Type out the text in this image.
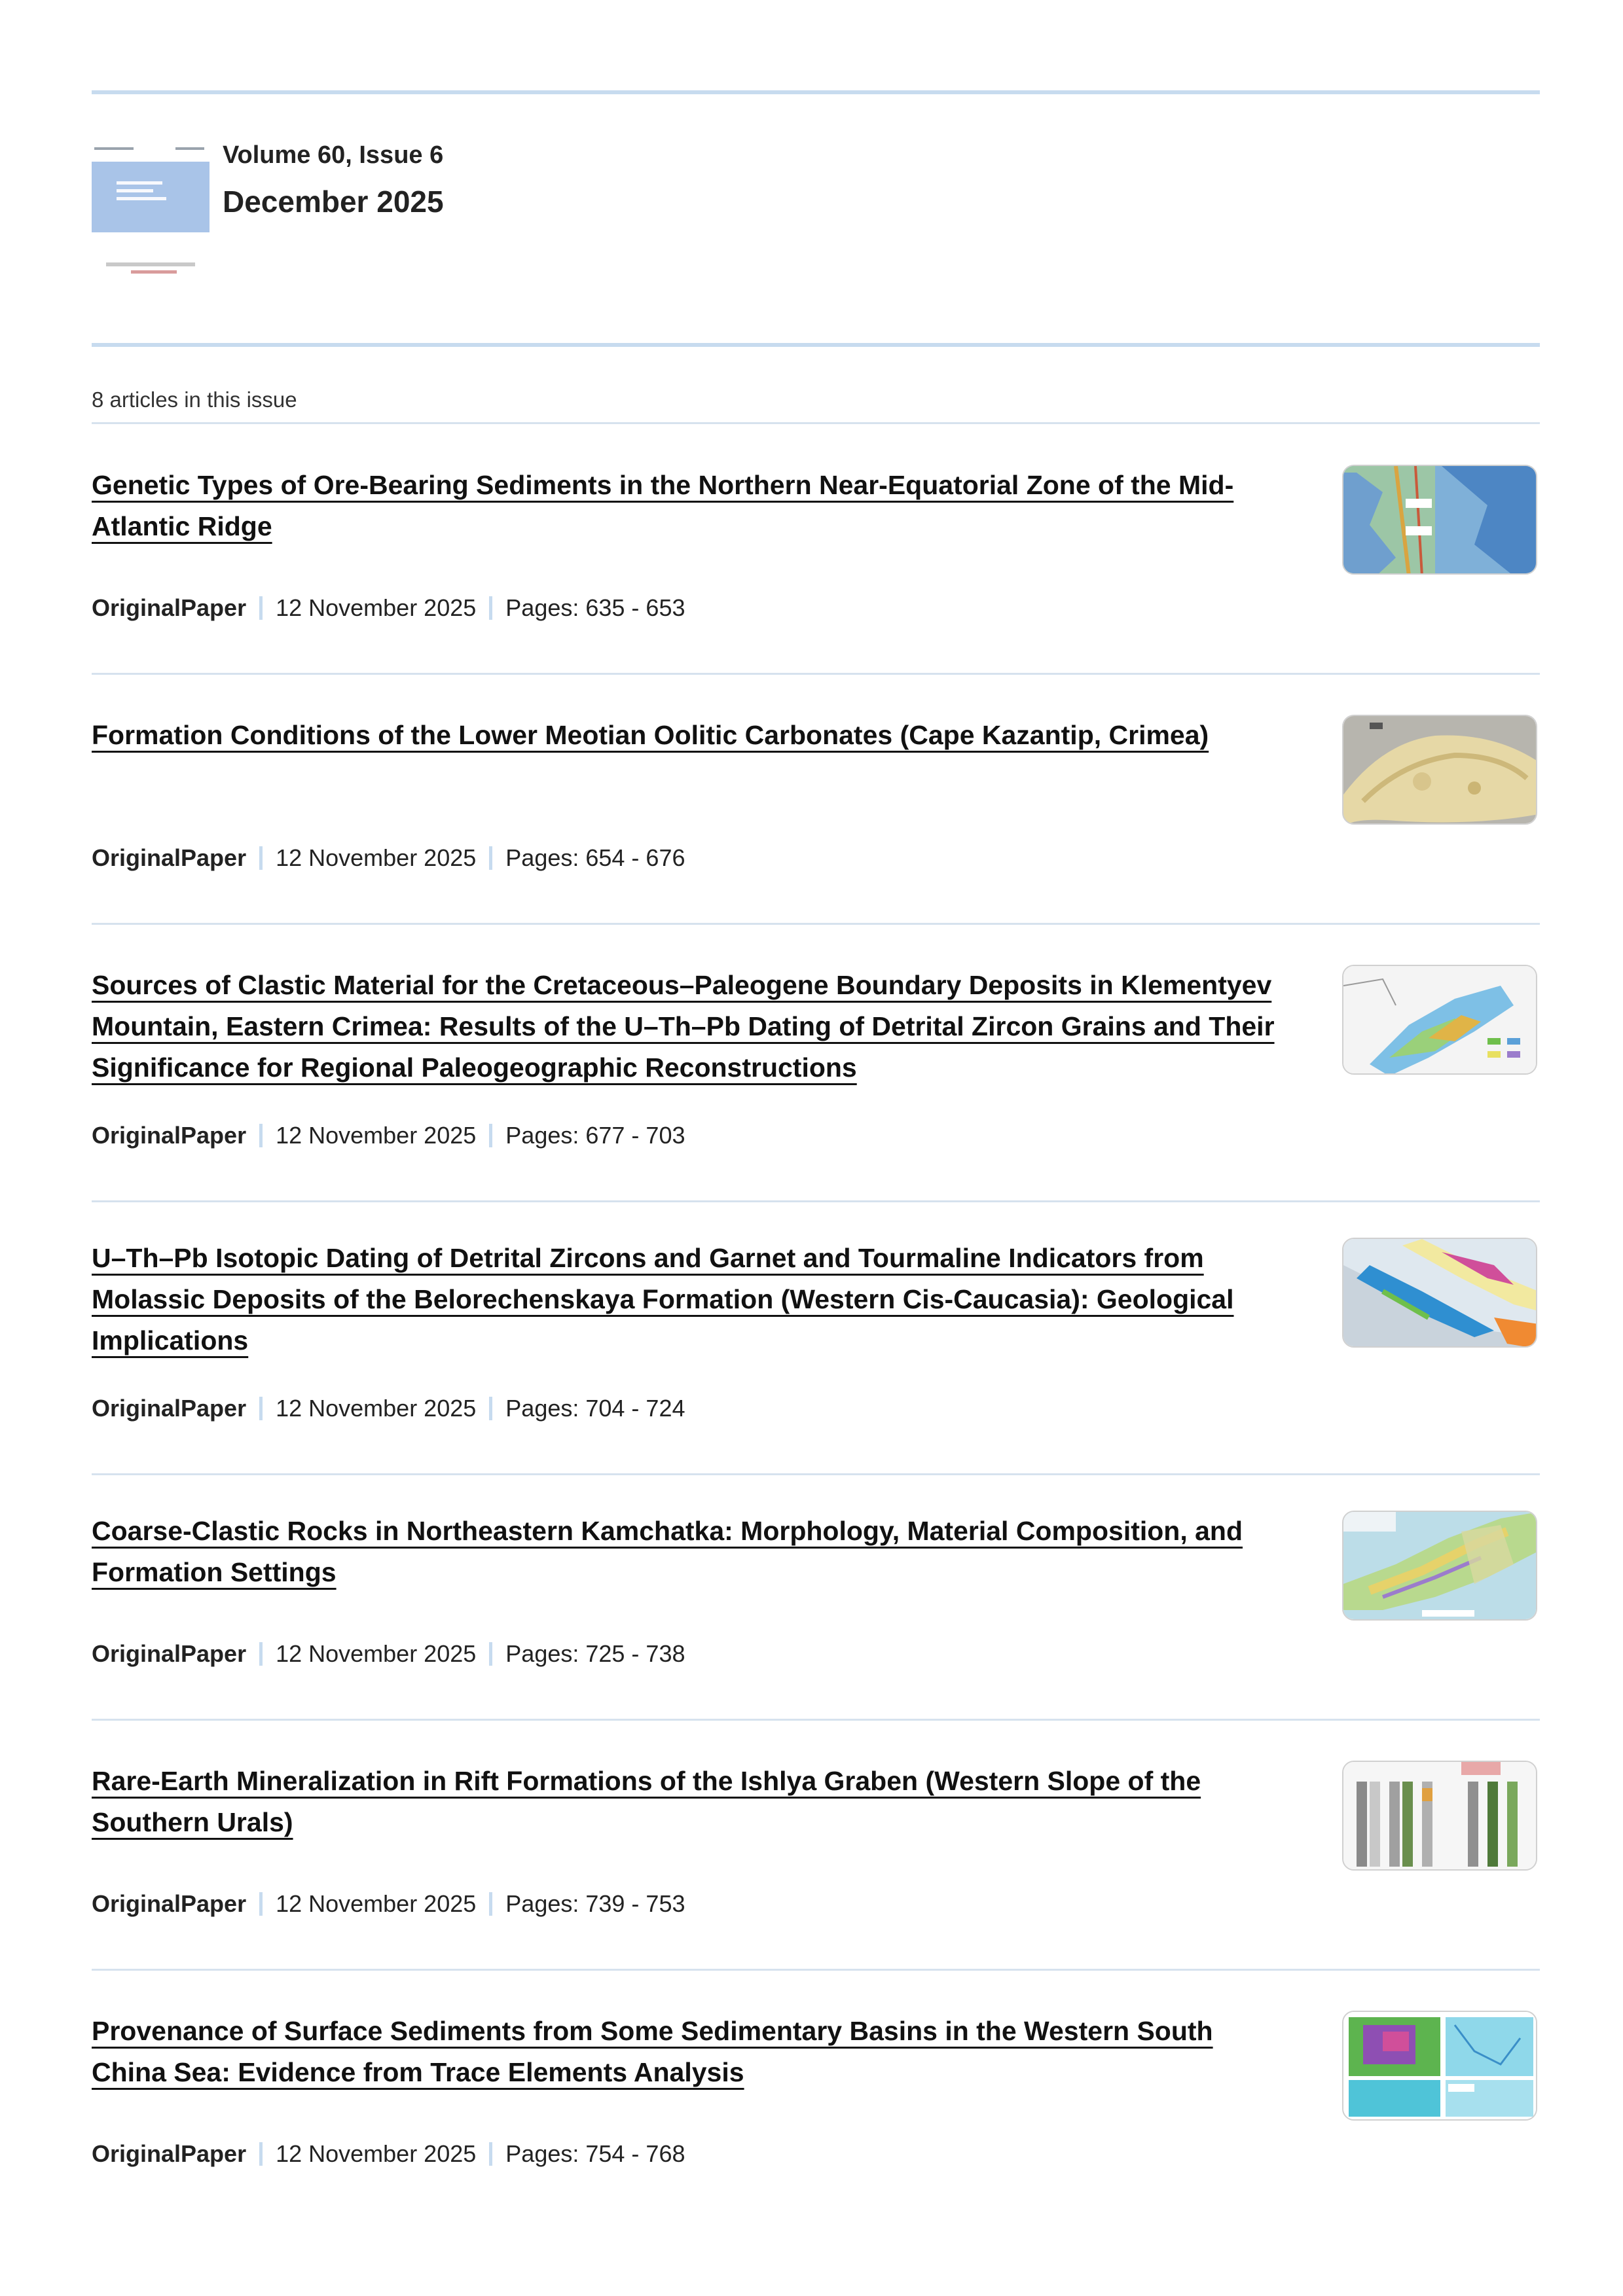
Volume 60, Issue 6
December 2025
8 articles in this issue
Genetic Types of Ore-Bearing Sediments in the Northern Near-Equatorial Zone of the Mid-Atlantic Ridge
OriginalPaper 12 November 2025 Pages: 635 - 653
Formation Conditions of the Lower Meotian Oolitic Carbonates (Cape Kazantip, Crimea)
OriginalPaper 12 November 2025 Pages: 654 - 676
Sources of Clastic Material for the Cretaceous–Paleogene Boundary Deposits in Klementyev Mountain, Eastern Crimea: Results of the U–Th–Pb Dating of Detrital Zircon Grains and Their Significance for Regional Paleogeographic Reconstructions
OriginalPaper 12 November 2025 Pages: 677 - 703
U–Th–Pb Isotopic Dating of Detrital Zircons and Garnet and Tourmaline Indicators from Molassic Deposits of the Belorechenskaya Formation (Western Cis-Caucasia): Geological Implications
OriginalPaper 12 November 2025 Pages: 704 - 724
Coarse-Clastic Rocks in Northeastern Kamchatka: Morphology, Material Composition, and Formation Settings
OriginalPaper 12 November 2025 Pages: 725 - 738
Rare-Earth Mineralization in Rift Formations of the Ishlya Graben (Western Slope of the Southern Urals)
OriginalPaper 12 November 2025 Pages: 739 - 753
Provenance of Surface Sediments from Some Sedimentary Basins in the Western South China Sea: Evidence from Trace Elements Analysis
OriginalPaper 12 November 2025 Pages: 754 - 768
